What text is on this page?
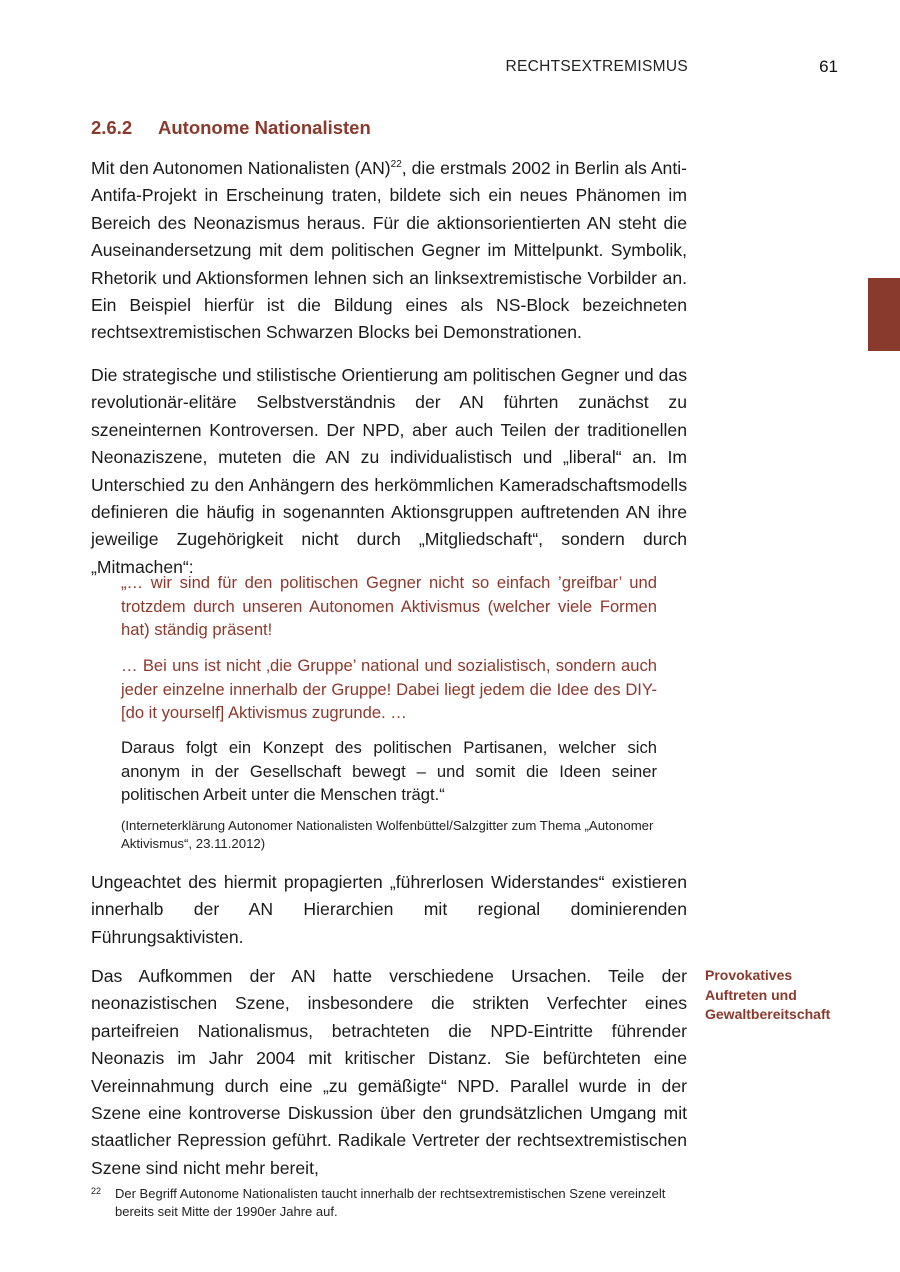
RECHTSEXTREMISMUS	61
2.6.2 Autonome Nationalisten

Mit den Autonomen Nationalisten (AN)$^{22}$, die erstmals 2002 in Berlin als Anti-Antifa-Projekt in Erscheinung traten, bildete sich ein neues Phänomen im Bereich des Neonazismus heraus. Für die aktionsorientierten AN steht die Auseinandersetzung mit dem politischen Gegner im Mittelpunkt. Symbolik, Rhetorik und Aktionsformen lehnen sich an linksextremistische Vorbilder an. Ein Beispiel hierfür ist die Bildung eines als NS-Block bezeichneten rechtsextremistischen Schwarzen Blocks bei Demonstrationen.

Die strategische und stilistische Orientierung am politischen Gegner und das revolutionär-elitäre Selbstverständnis der AN führten zunächst zu szeneinternen Kontroversen. Der NPD, aber auch Teilen der traditionellen Neonaziszene, muteten die AN zu individualistisch und „liberal“ an. Im Unterschied zu den Anhängern des herkömmlichen Kameradschaftsmodells definieren die häufig in sogenannten Aktionsgruppen auftretenden AN ihre jeweilige Zugehörigkeit nicht durch „Mitgliedschaft“, sondern durch „Mitmachen“:

„… wir sind für den politischen Gegner nicht so einfach ’greifbar’ und trotzdem durch unseren Autonomen Aktivismus (welcher viele Formen hat) ständig präsent!

… Bei uns ist nicht ‚die Gruppe’ national und sozialistisch, sondern auch jeder einzelne innerhalb der Gruppe! Dabei liegt jedem die Idee des DIY- [do it yourself] Aktivismus zugrunde. …

Daraus folgt ein Konzept des politischen Partisanen, welcher sich anonym in der Gesellschaft bewegt – und somit die Ideen seiner politischen Arbeit unter die Menschen trägt.“

(Interneterklärung Autonomer Nationalisten Wolfenbüttel/Salzgitter zum Thema „Autonomer Aktivismus“, 23.11.2012)

Ungeachtet des hiermit propagierten „führerlosen Widerstandes“ existieren innerhalb der AN Hierarchien mit regional dominierenden Führungsaktivisten.

Das Aufkommen der AN hatte verschiedene Ursachen. Teile der neonazistischen Szene, insbesondere die strikten Verfechter eines parteifreien Nationalismus, betrachteten die NPD-Eintritte führender Neonazis im Jahr 2004 mit kritischer Distanz. Sie befürchteten eine Vereinnahmung durch eine „zu gemäßigte“ NPD. Parallel wurde in der Szene eine kontroverse Diskussion über den grundsätzlichen Umgang mit staatlicher Repression geführt. Radikale Vertreter der rechtsextremistischen Szene sind nicht mehr bereit,

Provokatives Auftreten und Gewaltbereitschaft

22 Der Begriff Autonome Nationalisten taucht innerhalb der rechtsextremistischen Szene vereinzelt bereits seit Mitte der 1990er Jahre auf.
